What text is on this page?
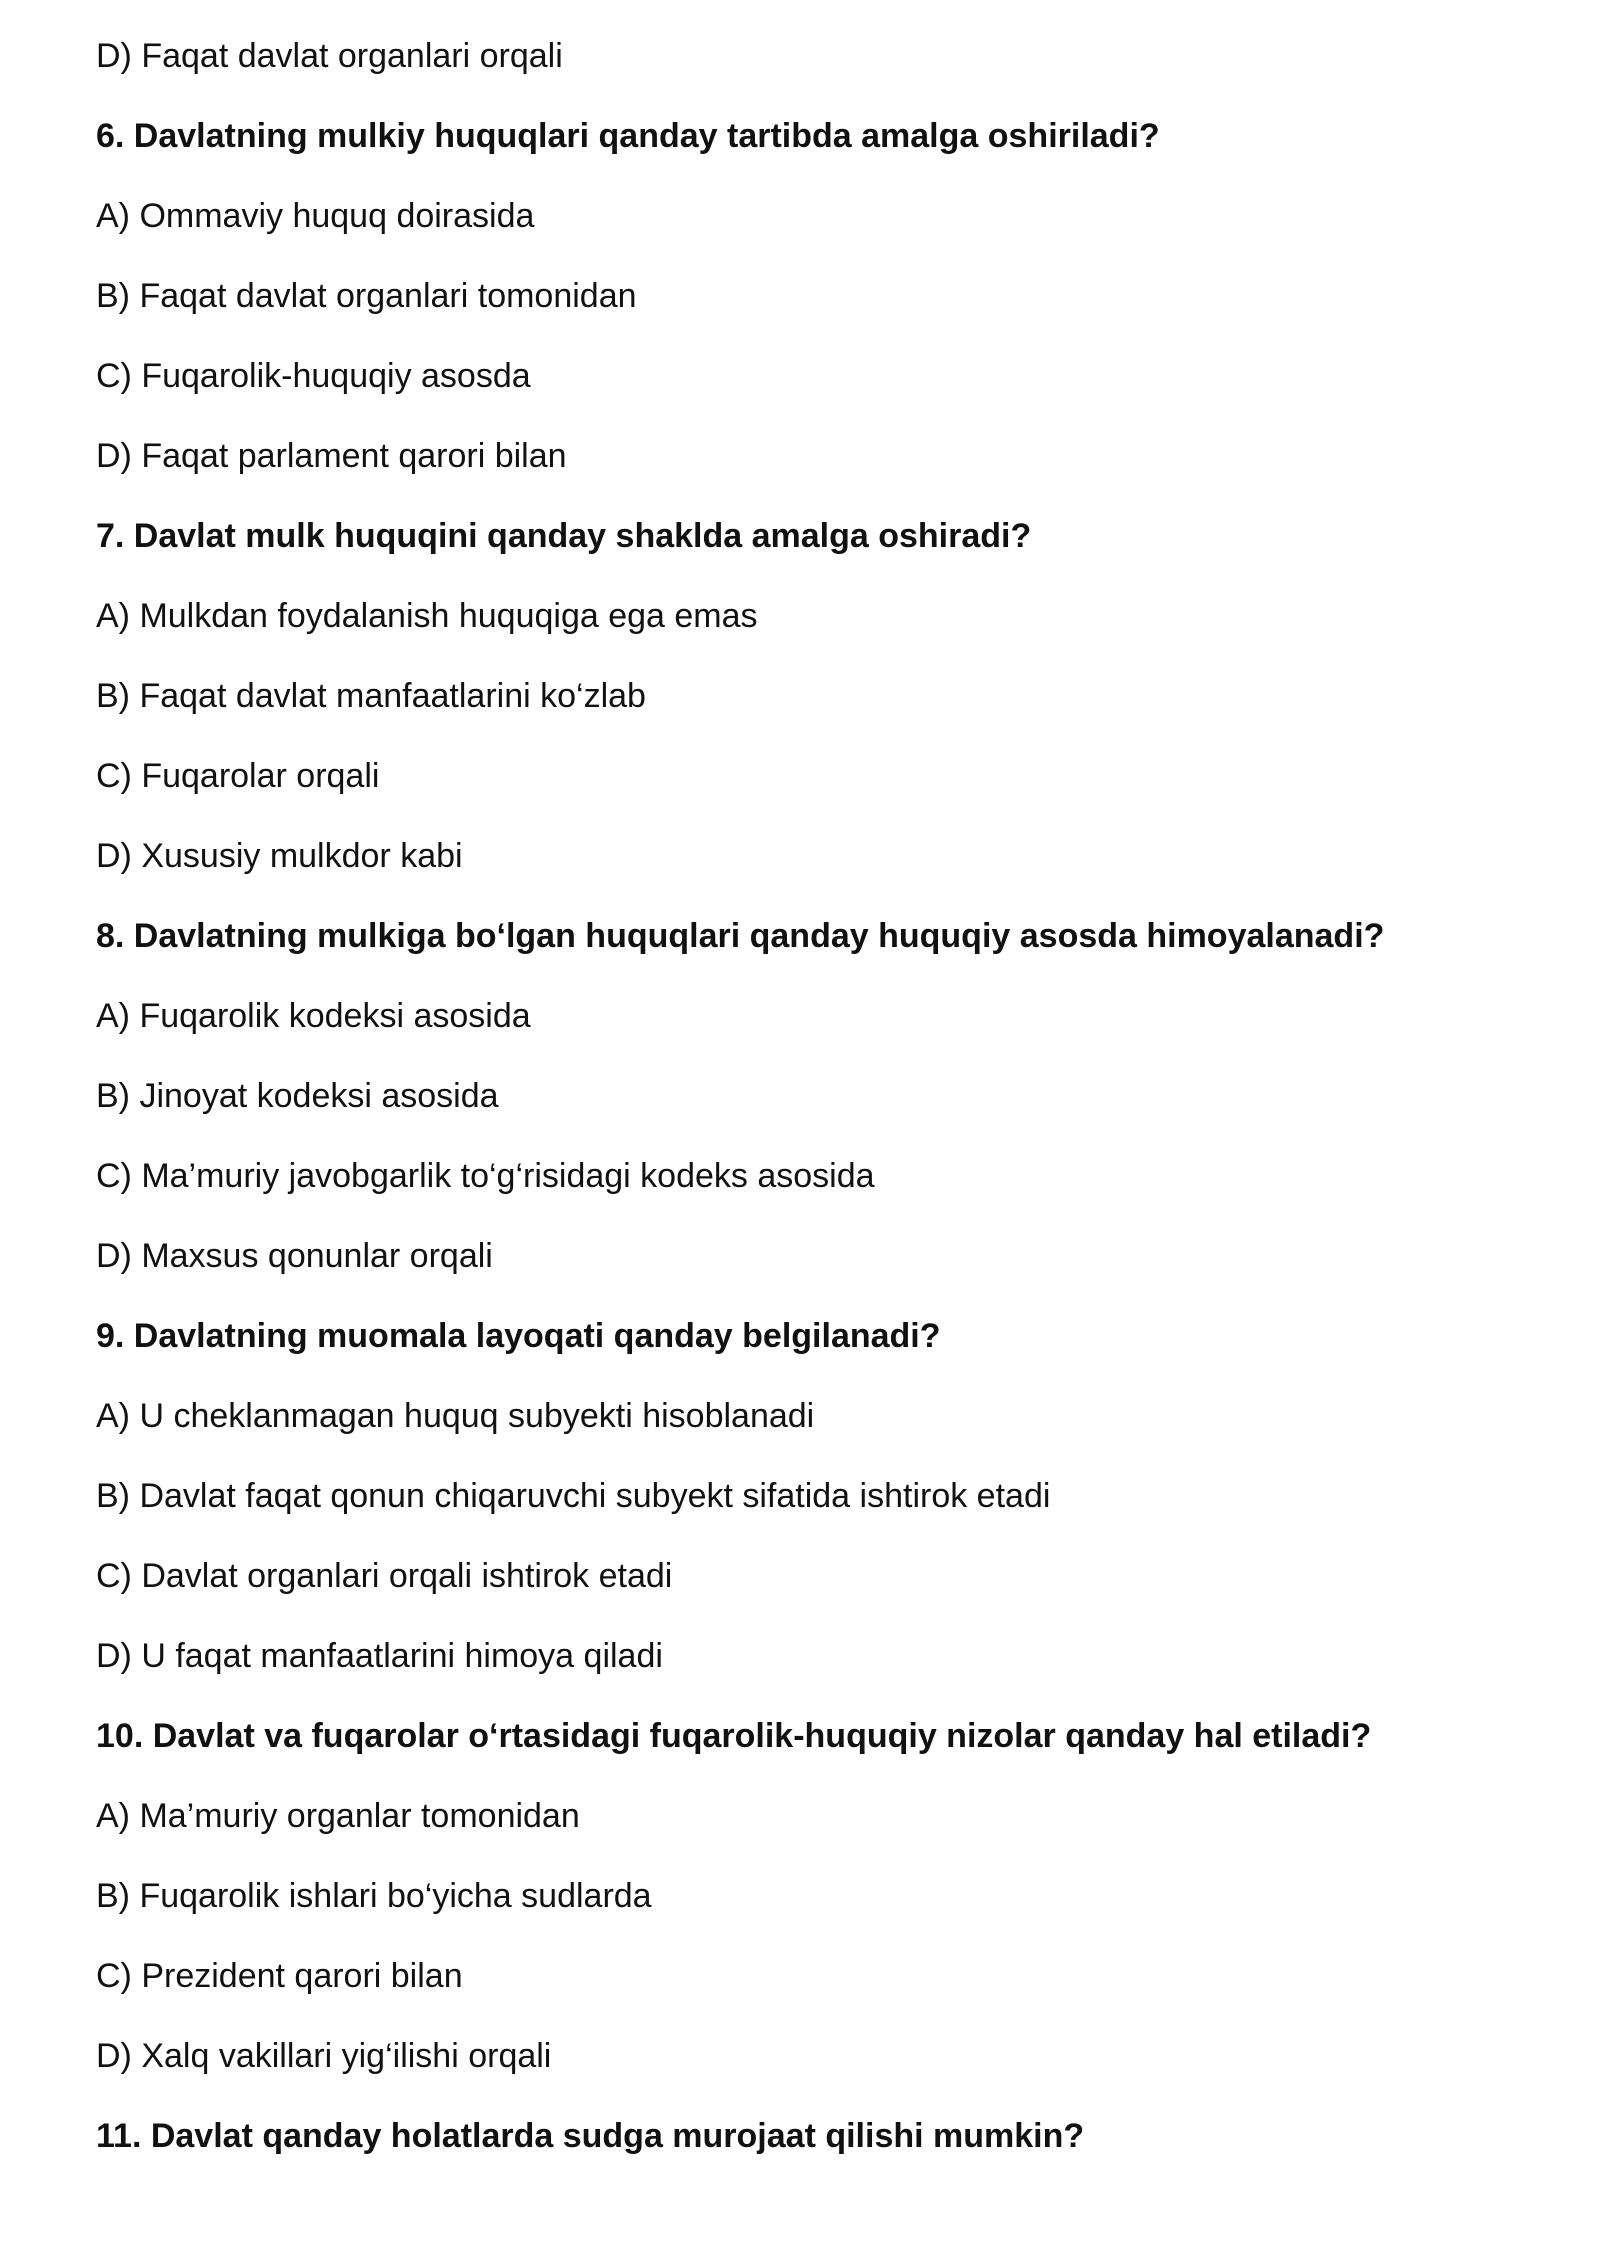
D) Faqat davlat organlari orqali
6. Davlatning mulkiy huquqlari qanday tartibda amalga oshiriladi?
A) Ommaviy huquq doirasida
B) Faqat davlat organlari tomonidan
C) Fuqarolik-huquqiy asosda
D) Faqat parlament qarori bilan
7. Davlat mulk huquqini qanday shaklda amalga oshiradi?
A) Mulkdan foydalanish huquqiga ega emas
B) Faqat davlat manfaatlarini ko‘zlab
C) Fuqarolar orqali
D) Xususiy mulkdor kabi
8. Davlatning mulkiga bo‘lgan huquqlari qanday huquqiy asosda himoyalanadi?
A) Fuqarolik kodeksi asosida
B) Jinoyat kodeksi asosida
C) Ma’muriy javobgarlik to‘g‘risidagi kodeks asosida
D) Maxsus qonunlar orqali
9. Davlatning muomala layoqati qanday belgilanadi?
A) U cheklanmagan huquq subyekti hisoblanadi
B) Davlat faqat qonun chiqaruvchi subyekt sifatida ishtirok etadi
C) Davlat organlari orqali ishtirok etadi
D) U faqat manfaatlarini himoya qiladi
10. Davlat va fuqarolar o‘rtasidagi fuqarolik-huquqiy nizolar qanday hal etiladi?
A) Ma’muriy organlar tomonidan
B) Fuqarolik ishlari bo‘yicha sudlarda
C) Prezident qarori bilan
D) Xalq vakillari yig‘ilishi orqali
11. Davlat qanday holatlarda sudga murojaat qilishi mumkin?
